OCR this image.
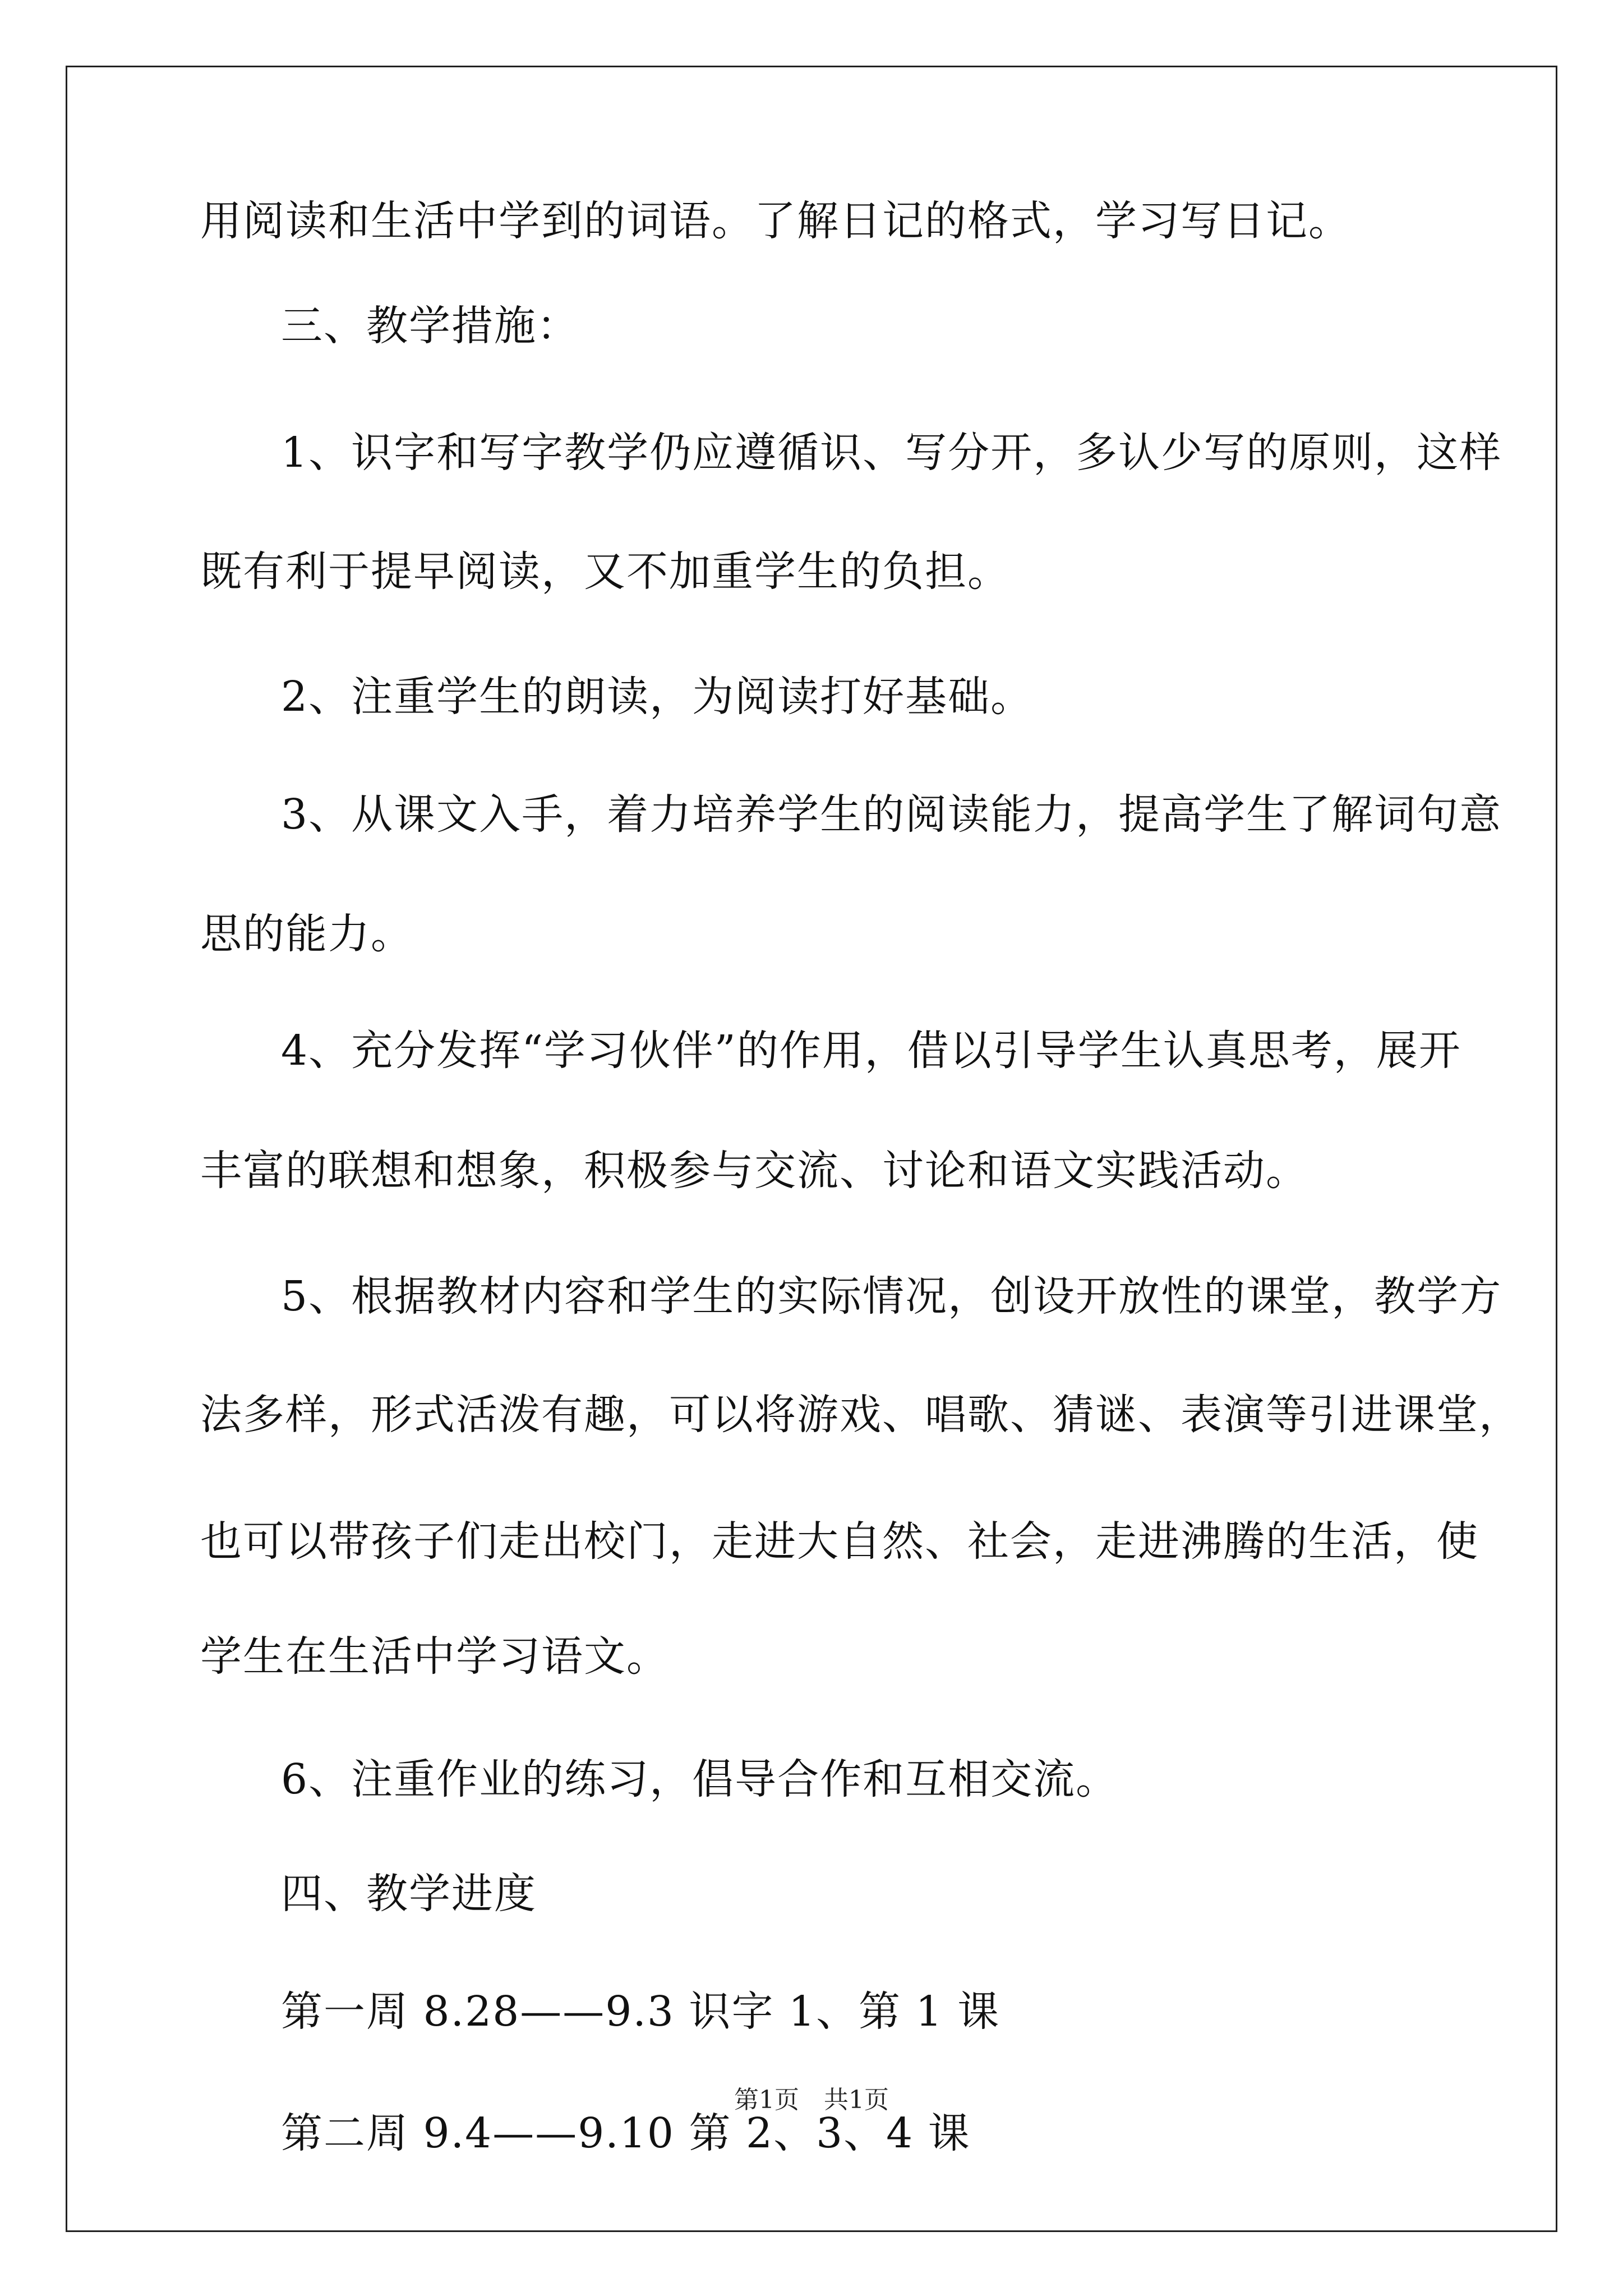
用阅读和生活中学到的词语。了解日记的格式，学习写日记。
三、教学措施：
1、识字和写字教学仍应遵循识、写分开，多认少写的原则，这样
既有利于提早阅读，又不加重学生的负担。
2、注重学生的朗读，为阅读打好基础。
3、从课文入手，着力培养学生的阅读能力，提高学生了解词句意
思的能力。
4、充分发挥“学习伙伴”的作用，借以引导学生认真思考，展开
丰富的联想和想象，积极参与交流、讨论和语文实践活动。
5、根据教材内容和学生的实际情况，创设开放性的课堂，教学方
法多样，形式活泼有趣，可以将游戏、唱歌、猜谜、表演等引进课堂，
也可以带孩子们走出校门，走进大自然、社会，走进沸腾的生活，使
学生在生活中学习语文。
6、注重作业的练习，倡导合作和互相交流。
四、教学进度
第一周 8.28——9.3 识字 1、第 1 课
第二周 9.4——9.10 第 2、3、4 课
第1页　共1页
